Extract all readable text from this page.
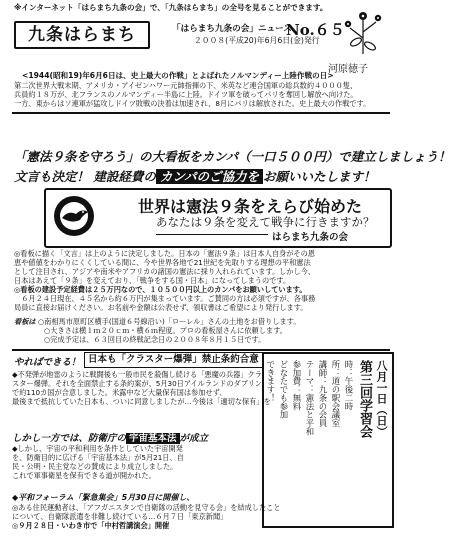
※インターネット「はらまち九条の会」で、「九条はらまち」の全号を見ることができます。
九条はらまち	「はらまち九条の会」ニュース
No.６５
２００８(平成20)年6月6日(金)発行
河原徳子
<1944(昭和19)年6月6日は、史上最大の作戦」とよばれたノルマンディー上陸作戦の日>
第二次世界大戦末期、アメリカ・アイゼンハワー元帥指揮の下、米英など連合国軍の総兵数約４０００隻、
兵員約１８万が、北フランスのノルマンディー半島に上陸。ドイツ軍を破ってパリを奪回し解放へ向けた。
一方、東からはソ連軍が猛攻しドイツ敗戦の決着は加速され、8月にパリは解放された。史上最大の作戦です。
「憲法９条を守ろう」の大看板をカンパ（一口５００円）で建立しましょう！
文言も決定！ 建設経費の カンパのご協力を お願いいたします！
世界は憲法９条をえらび始めた
あなたは９条を変えて戦争に行きますか？
はらまち九条の会
◎看板に描く「文言」は上のように決定しました。日本の「憲法９条」は日本人自身がその恩
恵や値値をわかりにくくしている間に、今や世界各地で21世紀を先取りする理想の平和憲法
として注目され、アジアや南米やアフリカの諸国の憲法に採り入れられています。しかし今、
日本はあえて「９条」を変えており、「戦争をする国・日本」になってしまうのです。
◎看板の建設予定経費は２５万円なので、１０５００円以上のカンパをお願いしています。
　６月２４日現在、４５名から約６万円が集まっています。ご賛同の方は必須ですが、各事務
局員に直接お届けください。お名前や金額は公表せず、領収書はご希望により発行します。
看板は ○南相馬市原町区横手(国道６号線沿い)「ローレル」さんの土地をお借りします。
○大きさは横１ｍ２０ｃｍ・横６ｍ程度。プロの看板屋さんに依頼します。
○完成予定は、６３回目の終戦記念日の２００８年８月１５日です。
やればできる！ 日本も「クラスター爆弾」禁止条約合意
◆不発弾が地雷のように戦闘後も一般市民を殺傷し続ける「悪魔の兵器」クラ
スター爆弾。それを全面禁止する条約案が、5月30日アイルランドのダブリン
で約110カ国が合意しました。米露中など大量保有国は参加せず、
最後まで抵抗していた日本も、ついに同意しましたが…今後は「適切な保有」を
しかし一方では、防衛庁の 宇宙基本法 が成立
◆しかし、宇宙の平和利用を条件としていた宇宙開発
を、防衛目的に広げる「宇宙基本法」が5月21日、自
民・公明・民主党などの賛成により成立しました。
これで軍事衛星を保有できる道が開かれた。
◆平和フォーラム「緊急集会」5月30日に開催し、
◎ある住民運動者は、「アフガニスタンで自衛隊の活動を見守る会」を結成したこと
について、自衛隊派遣を非難し続けている…６月７日「東京新聞」
◎９月２８日・いわき市で「中村哲講演会」開催
八月一日（日）
第三回学習会
時：午後二時
所：道の駅会議室
講師：九条の会員
テーマ：憲法と平和
参加費：無料
どなたでも参加
できます！
